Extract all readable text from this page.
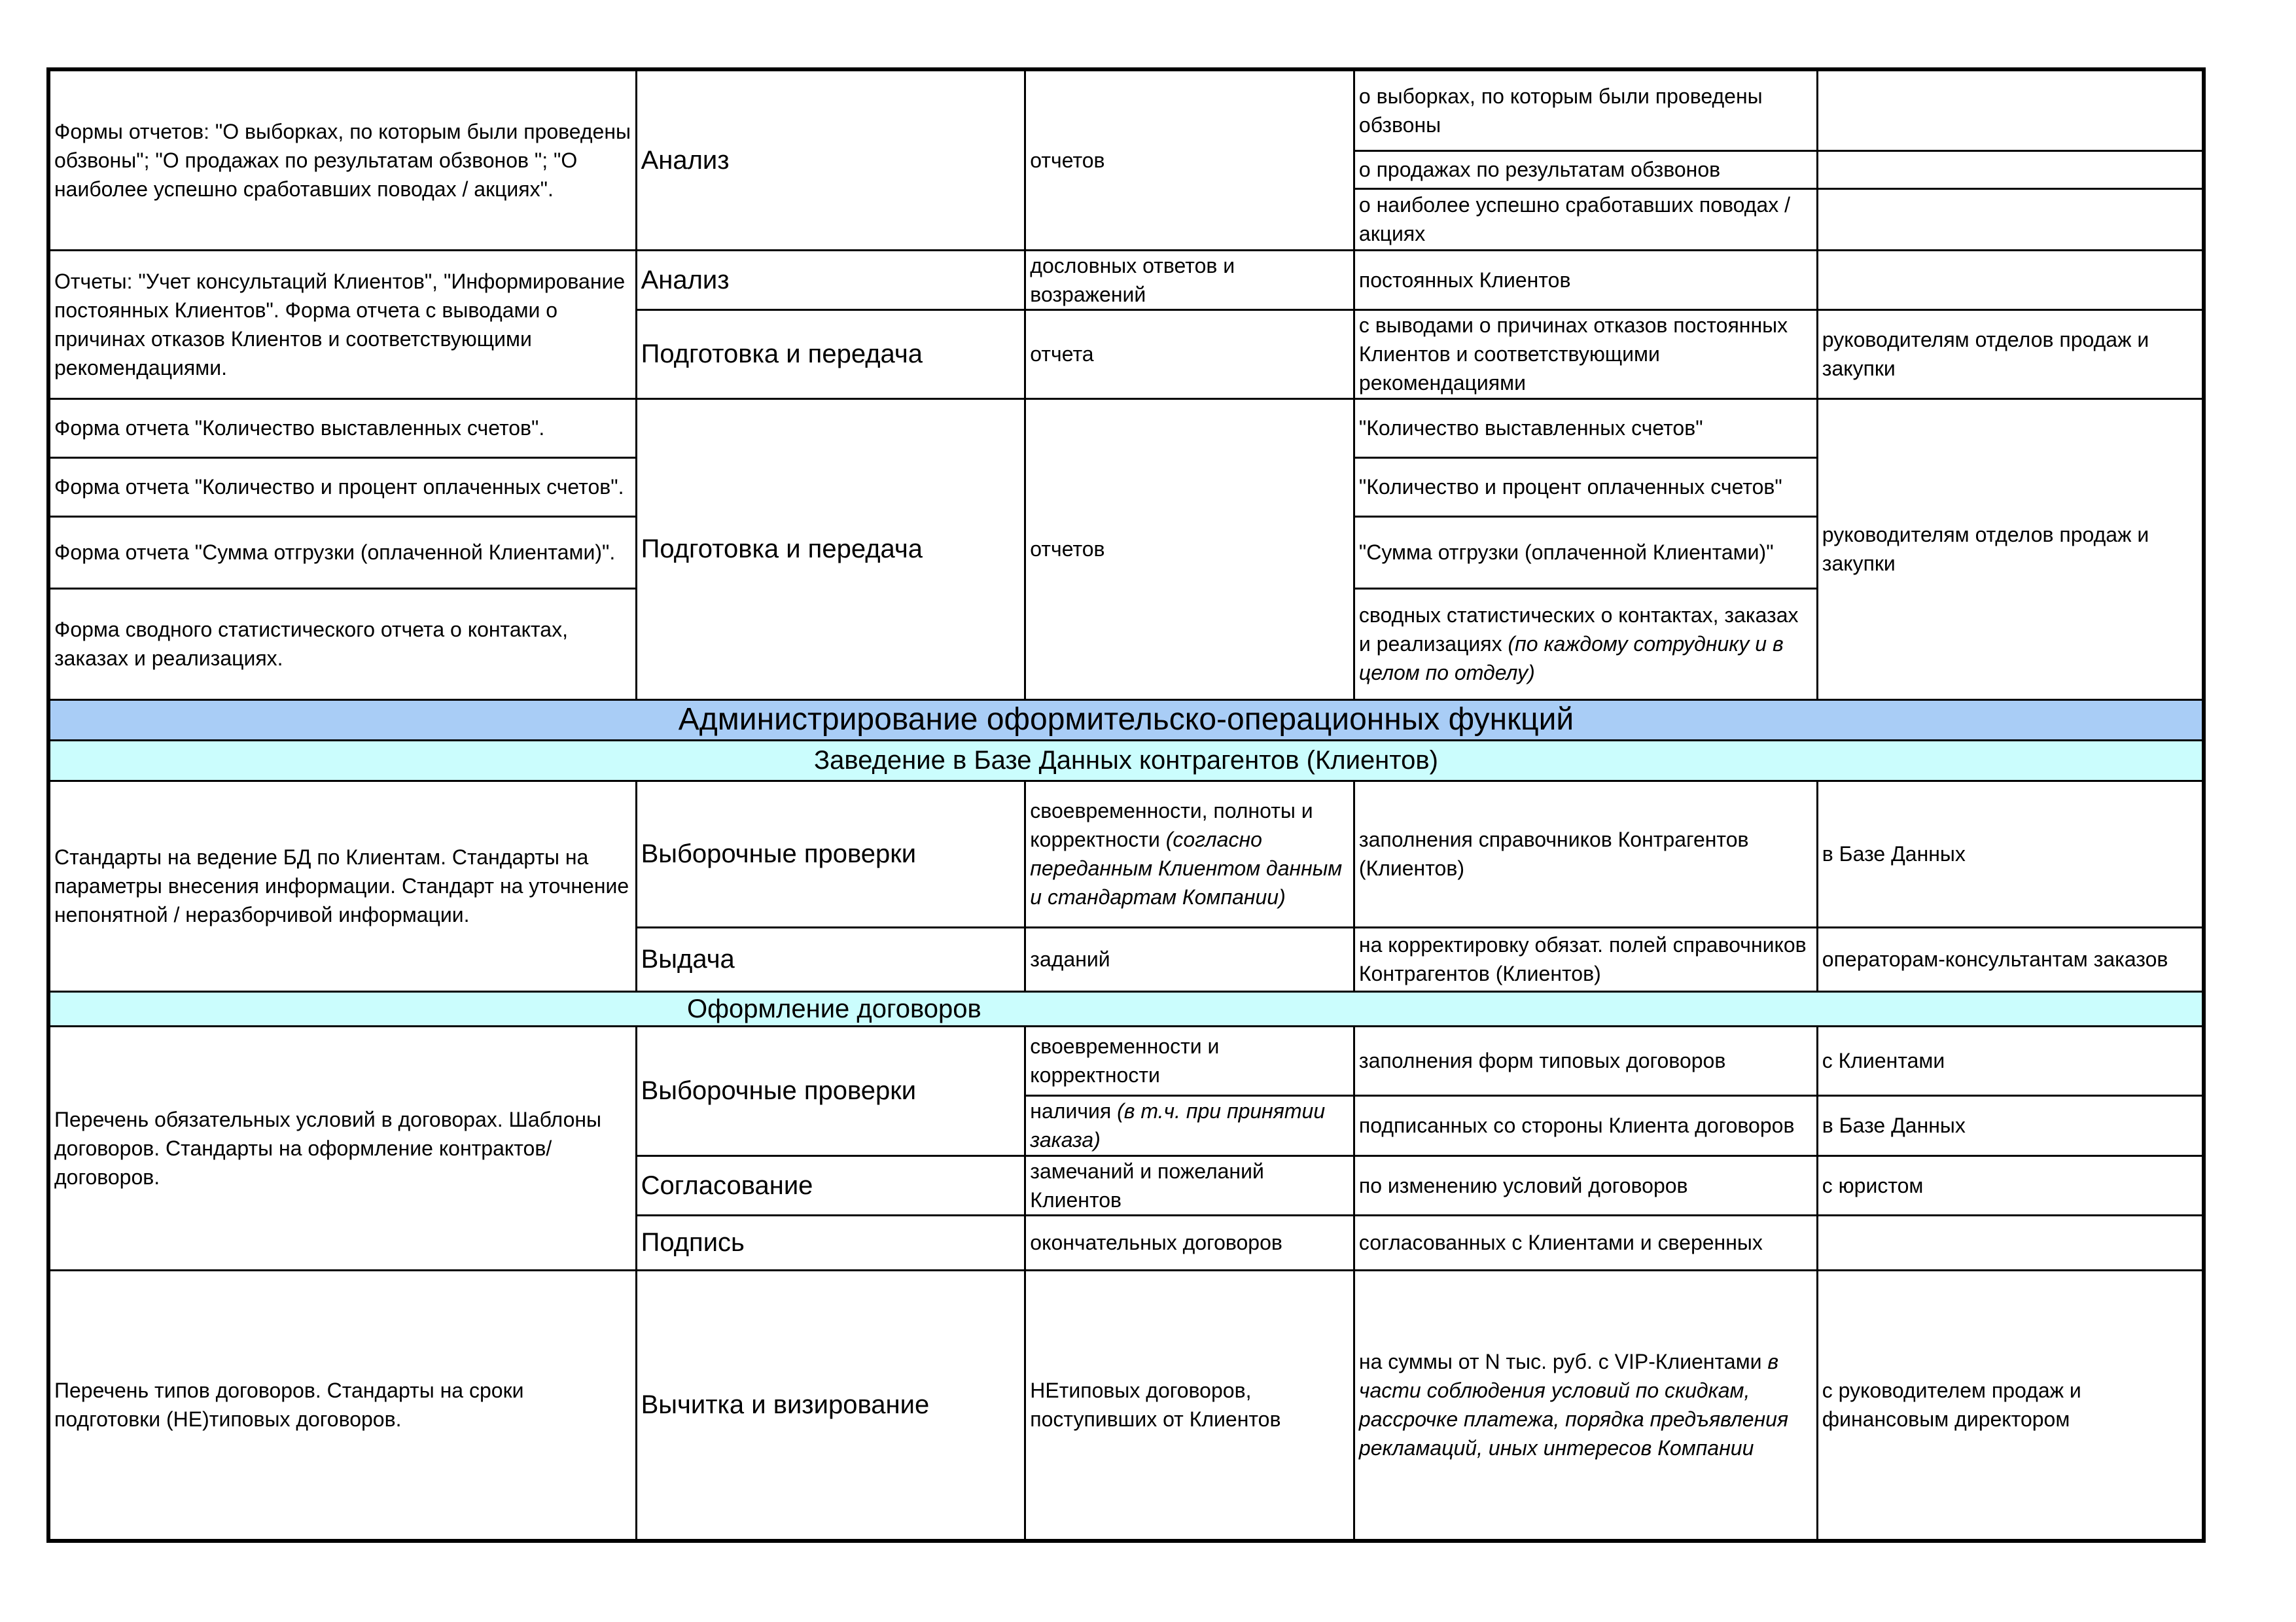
Формы отчетов: "О выборках, по которым были проведены обзвоны"; "О продажах по результатам обзвонов "; "О наиболее успешно сработавших поводах / акциях".	Анализ	отчетов	о выборках, по которым были проведены обзвоны	
			о продажах по результатам обзвонов	
			о наиболее успешно сработавших поводах / акциях	
Отчеты: "Учет консультаций Клиентов", "Информирование постоянных Клиентов". Форма отчета с выводами о причинах отказов Клиентов и соответствующими рекомендациями.	Анализ	дословных ответов и возражений	постоянных Клиентов	
	Подготовка и передача	отчета	с выводами о причинах отказов постоянных Клиентов и соответствующими рекомендациями	руководителям отделов продаж и закупки
Форма отчета "Количество выставленных счетов".	Подготовка и передача	отчетов	"Количество выставленных счетов"	руководителям отделов продаж и закупки
Форма отчета "Количество и процент оплаченных счетов".			"Количество и процент оплаченных счетов"	
Форма отчета "Сумма отгрузки (оплаченной Клиентами)".			"Сумма отгрузки (оплаченной Клиентами)"	
Форма сводного статистического отчета о контактах, заказах и реализациях.			сводных статистических о контактах, заказах и реализациях (по каждому сотруднику и в целом по отделу)	
Администрирование оформительско-операционных функций				
Заведение в Базе Данных контрагентов (Клиентов)				
Стандарты на ведение БД по Клиентам. Стандарты на параметры внесения информации. Стандарт на уточнение непонятной / неразборчивой информации.	Выборочные проверки	своевременности, полноты и корректности (согласно переданным Клиентом данным и стандартам Компании)	заполнения справочников Контрагентов (Клиентов)	в Базе Данных
	Выдача	заданий	на корректировку обязат. полей справочников Контрагентов (Клиентов)	операторам-консультантам заказов
Оформление договоров				
Перечень обязательных условий в договорах. Шаблоны договоров. Стандарты на оформление контрактов/договоров.	Выборочные проверки	своевременности и корректности	заполнения форм типовых договоров	с Клиентами
		наличия (в т.ч. при принятии заказа)	подписанных со стороны Клиента договоров	в Базе Данных
	Согласование	замечаний и пожеланий Клиентов	по изменению условий договоров	с юристом
	Подпись	окончательных договоров	согласованных с Клиентами и сверенных	
Перечень типов договоров. Стандарты на сроки подготовки (НЕ)типовых договоров.	Вычитка и визирование	НЕтиповых договоров, поступивших от Клиентов	на суммы от N тыс. руб. с VIP-Клиентами в части соблюдения условий по скидкам, рассрочке платежа, порядка предъявления рекламаций, иных интересов Компании	с руководителем продаж и финансовым директором
